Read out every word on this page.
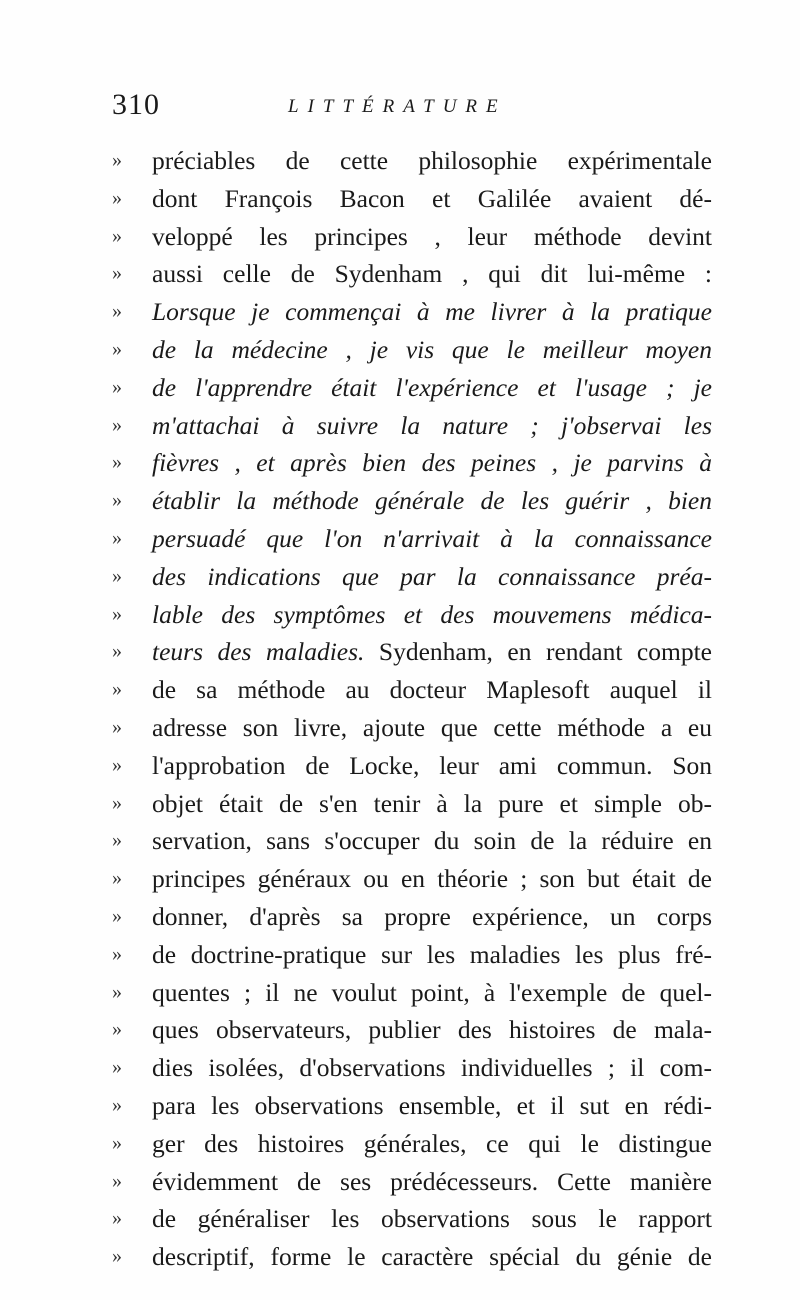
310	LITTÉRATURE
»	préciables de cette philosophie expérimentale
»	dont François Bacon et Galilée avaient dé-
»	veloppé les principes , leur méthode devint
»	aussi celle de Sydenham , qui dit lui-même :
»	Lorsque je commençai à me livrer à la pratique
»	de la médecine , je vis que le meilleur moyen
»	de l'apprendre était l'expérience et l'usage ; je
»	m'attachai à suivre la nature ; j'observai les
»	fièvres , et après bien des peines , je parvins à
»	établir la méthode générale de les guérir , bien
»	persuadé que l'on n'arrivait à la connaissance
»	des indications que par la connaissance préa-
»	lable des symptômes et des mouvemens médica-
»	teurs des maladies. Sydenham, en rendant compte
»	de sa méthode au docteur Maplesoft auquel il
»	adresse son livre, ajoute que cette méthode a eu
»	l'approbation de Locke, leur ami commun. Son
»	objet était de s'en tenir à la pure et simple ob-
»	servation, sans s'occuper du soin de la réduire en
»	principes généraux ou en théorie ; son but était de
»	donner, d'après sa propre expérience, un corps
»	de doctrine-pratique sur les maladies les plus fré-
»	quentes ; il ne voulut point, à l'exemple de quel-
»	ques observateurs, publier des histoires de mala-
»	dies isolées, d'observations individuelles ; il com-
»	para les observations ensemble, et il sut en rédi-
»	ger des histoires générales, ce qui le distingue
»	évidemment de ses prédécesseurs. Cette manière
»	de généraliser les observations sous le rapport
»	descriptif, forme le caractère spécial du génie de
